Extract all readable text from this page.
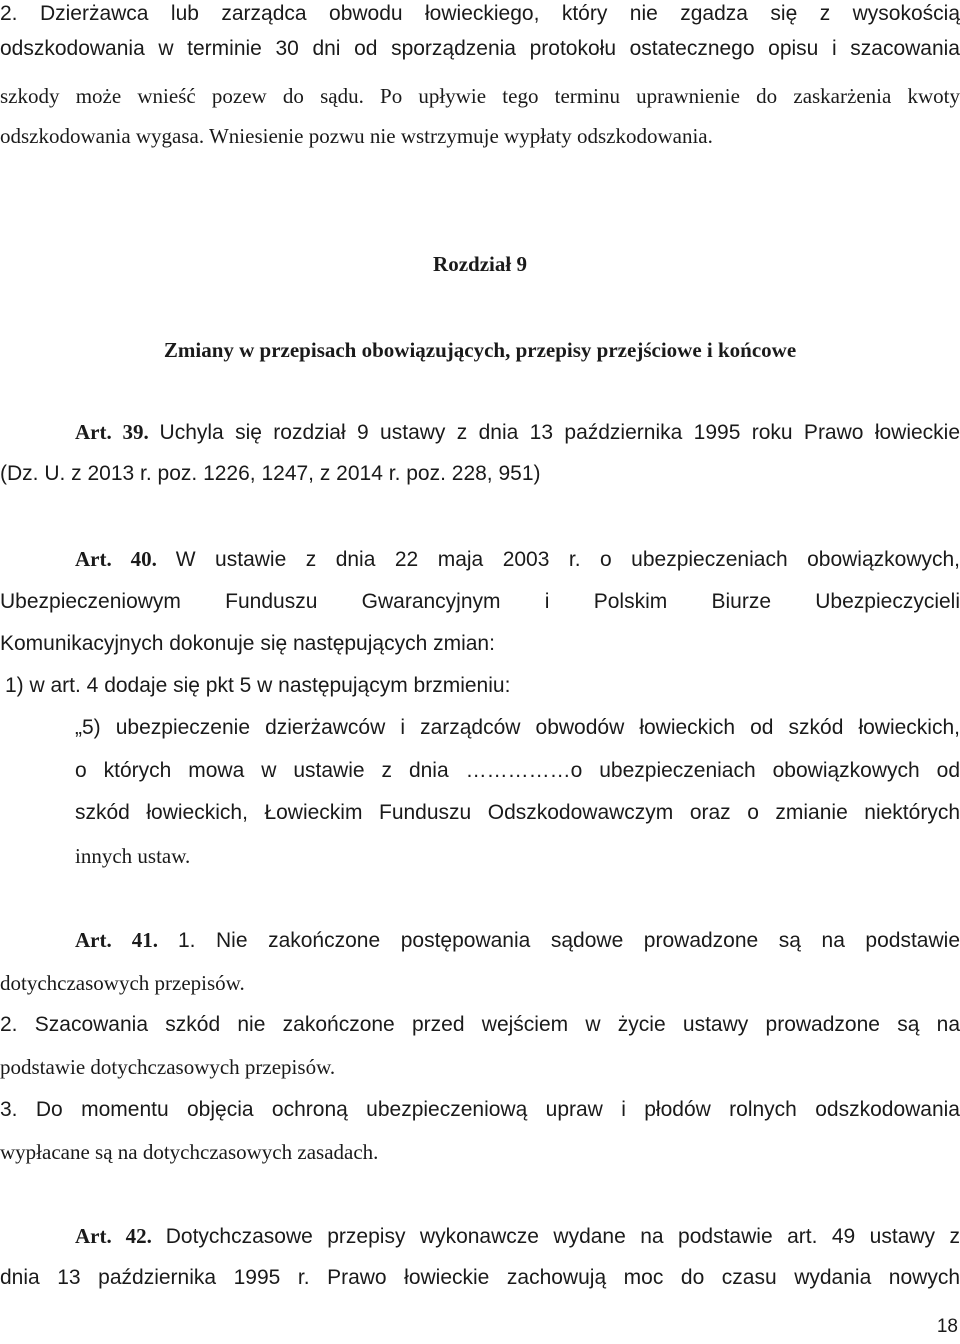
2. Dzierżawca lub zarządca obwodu łowieckiego, który nie zgadza się z wysokością
odszkodowania w terminie 30 dni od sporządzenia protokołu ostatecznego opisu i szacowania
szkody może wnieść pozew do sądu. Po upływie tego terminu uprawnienie do zaskarżenia kwoty
odszkodowania wygasa. Wniesienie pozwu nie wstrzymuje wypłaty odszkodowania.
Rozdział 9
Zmiany w przepisach obowiązujących, przepisy przejściowe i końcowe
Art. 39. Uchyla się rozdział 9 ustawy z dnia 13 października 1995 roku Prawo łowieckie
(Dz. U. z 2013 r. poz. 1226, 1247, z 2014 r. poz. 228, 951)
Art. 40. W ustawie z dnia 22 maja 2003 r. o ubezpieczeniach obowiązkowych,
Ubezpieczeniowym Funduszu Gwarancyjnym i Polskim Biurze Ubezpieczycieli
Komunikacyjnych dokonuje się następujących zmian:
1) w art. 4 dodaje się pkt 5 w następującym brzmieniu:
„5) ubezpieczenie dzierżawców i zarządców obwodów łowieckich od szkód łowieckich,
o których mowa w ustawie z dnia ……………o ubezpieczeniach obowiązkowych od
szkód łowieckich, Łowieckim Funduszu Odszkodowawczym oraz o zmianie niektórych
innych ustaw.
Art. 41. 1. Nie zakończone postępowania sądowe prowadzone są na podstawie
dotychczasowych przepisów.
2. Szacowania szkód nie zakończone przed wejściem w życie ustawy prowadzone są na
podstawie dotychczasowych przepisów.
3. Do momentu objęcia ochroną ubezpieczeniową upraw i płodów rolnych odszkodowania
wypłacane są na dotychczasowych zasadach.
Art. 42. Dotychczasowe przepisy wykonawcze wydane na podstawie art. 49 ustawy z
dnia 13 października 1995 r. Prawo łowieckie zachowują moc do czasu wydania nowych
18
